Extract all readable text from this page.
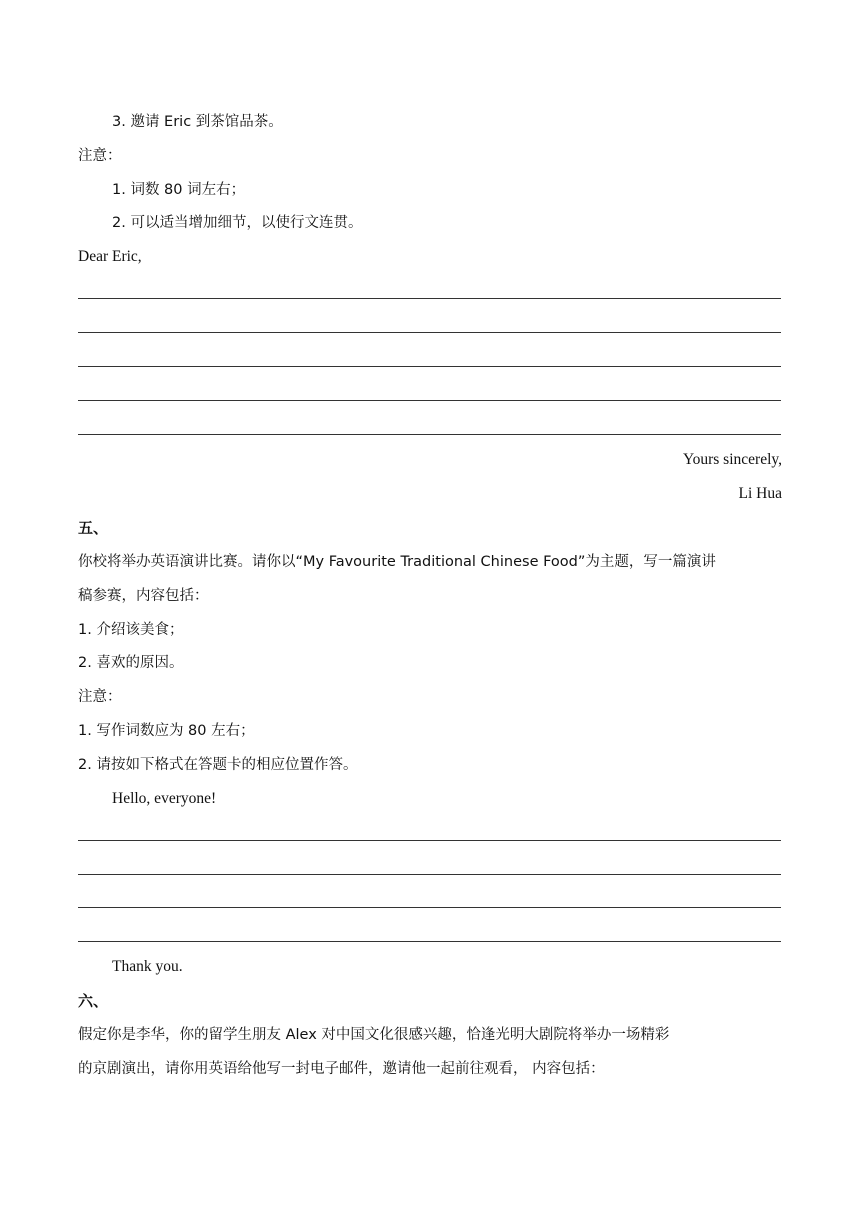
3. 邀请 Eric 到茶馆品茶。
注意：
1. 词数 80 词左右；
2. 可以适当增加细节，以使行文连贯。
Dear Eric,
Yours sincerely,
Li Hua
五、
你校将举办英语演讲比赛。请你以“My Favourite Traditional Chinese Food”为主题，写一篇演讲
稿参赛，内容包括：
1. 介绍该美食；
2. 喜欢的原因。
注意：
1. 写作词数应为 80 左右；
2. 请按如下格式在答题卡的相应位置作答。
Hello, everyone!
Thank you.
六、
假定你是李华，你的留学生朋友 Alex 对中国文化很感兴趣，恰逢光明大剧院将举办一场精彩
的京剧演出，请你用英语给他写一封电子邮件，邀请他一起前往观看， 内容包括：
